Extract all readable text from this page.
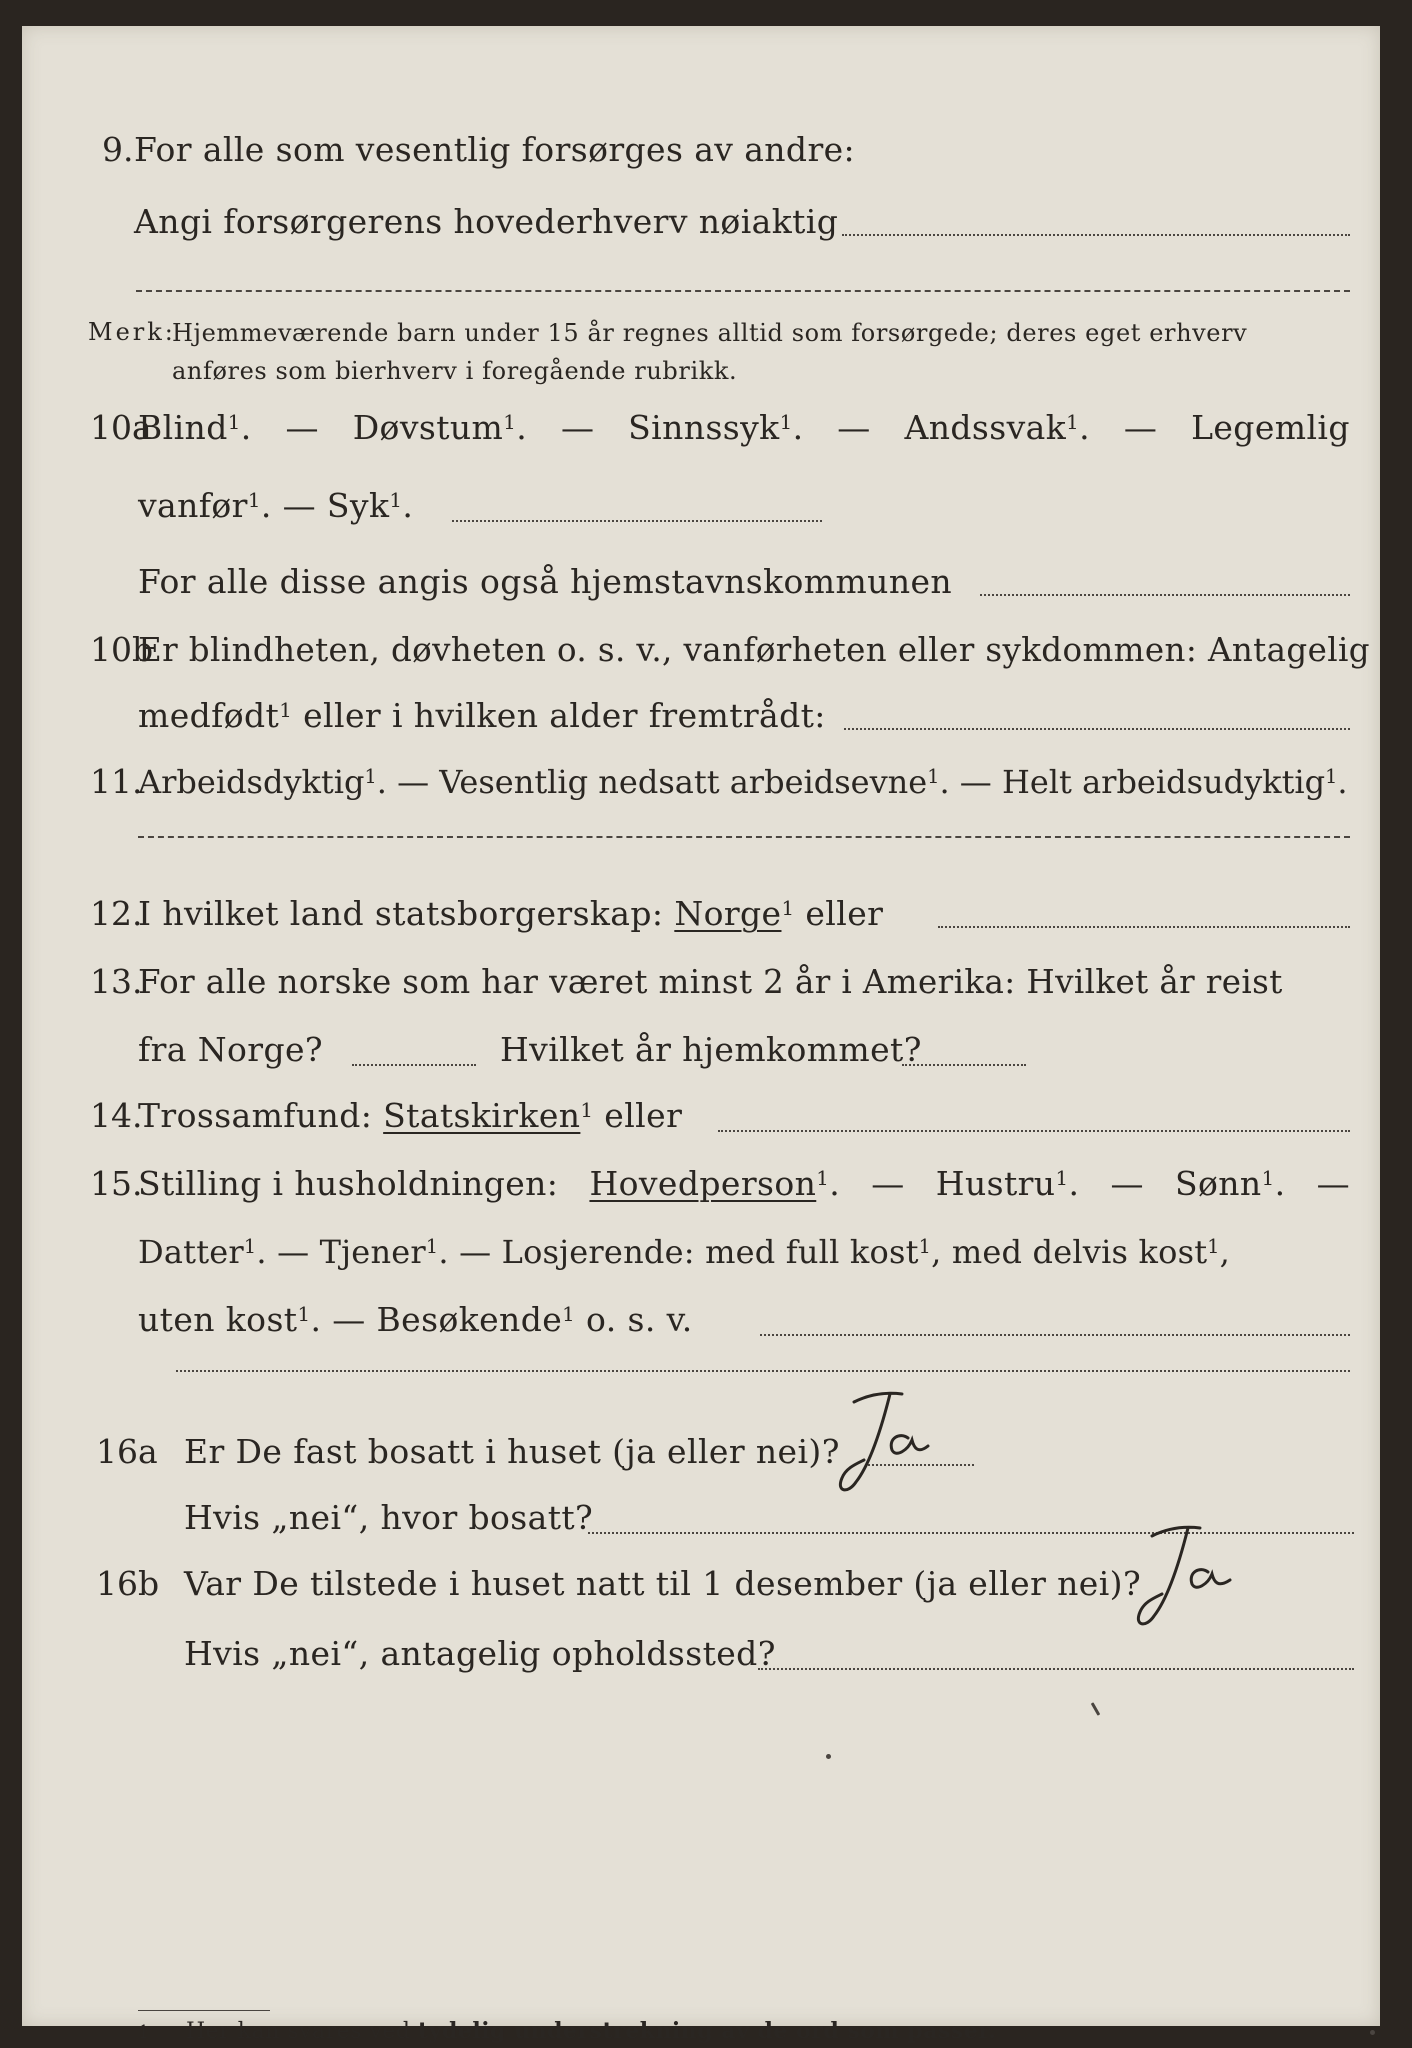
9. For alle som vesentlig forsørges av andre:
Angi forsørgerens hovederhverv nøiaktig
Merk:
Hjemmeværende barn under 15 år regnes alltid som forsørgede; deres eget erhverv
anføres som bierhverv i foregående rubrikk.
10a
Blind$^1$. — Døvstum$^1$. — Sinnssyk$^1$. — Andssvak$^1$. — Legemlig
vanfør$^1$. — Syk$^1$.
For alle disse angis også hjemstavnskommunen
10b
Er blindheten, døvheten o. s. v., vanførheten eller sykdommen: Antagelig
medfødt$^1$ eller i hvilken alder fremtrådt:
11.
Arbeidsdyktig$^1$. — Vesentlig nedsatt arbeidsevne$^1$. — Helt arbeidsudyktig$^1$.
12.
I hvilket land statsborgerskap: Norge$^1$ eller
13.
For alle norske som har været minst 2 år i Amerika: Hvilket år reist
fra Norge?	Hvilket år hjemkommet?
14.
Trossamfund: Statskirken$^1$ eller
15.
Stilling i husholdningen: Hovedperson$^1$. — Hustru$^1$. — Sønn$^1$. —
Datter$^1$. — Tjener$^1$. — Losjerende: med full kost$^1$, med delvis kost$^1$,
uten kost$^1$. — Besøkende$^1$ o. s. v.
16a Er De fast bosatt i huset (ja eller nei)?
Hvis „nei“, hvor bosatt?
16b Var De tilstede i huset natt til 1 desember (ja eller nei)?
Hvis „nei“, antagelig opholdssted?
1 Her kan svares ved tydelig understrekning av de ord som passer.
